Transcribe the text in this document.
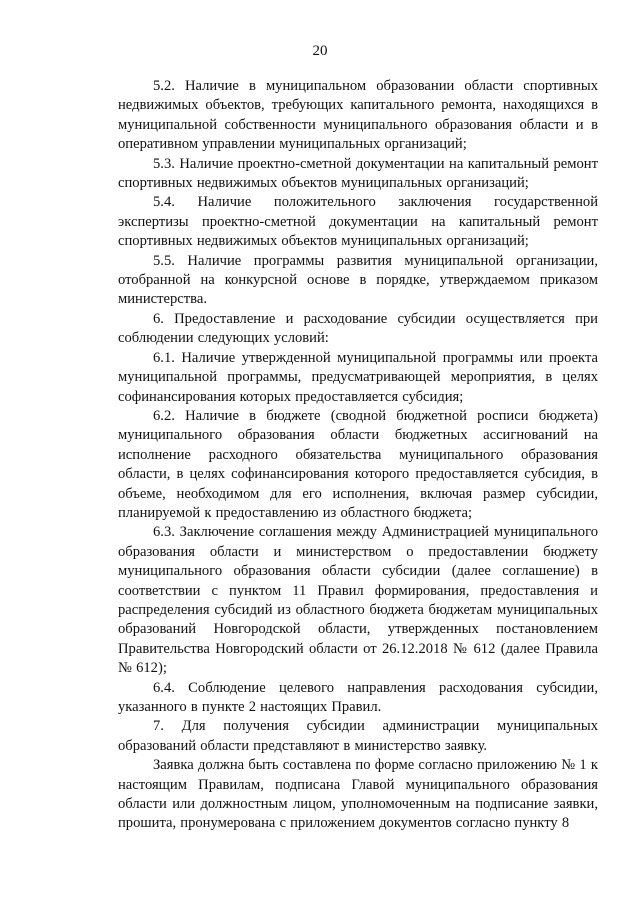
20

5.2. Наличие в муниципальном образовании области спортивных недвижимых объектов, требующих капитального ремонта, находящихся в муниципальной собственности муниципального образования области и в оперативном управлении муниципальных организаций;

5.3. Наличие проектно-сметной документации на капитальный ремонт спортивных недвижимых объектов муниципальных организаций;

5.4. Наличие положительного заключения государственной экспертизы проектно-сметной документации на капитальный ремонт спортивных недвижимых объектов муниципальных организаций;

5.5. Наличие программы развития муниципальной организации, отобранной на конкурсной основе в порядке, утверждаемом приказом министерства.

6. Предоставление и расходование субсидии осуществляется при соблюдении следующих условий:

6.1. Наличие утвержденной муниципальной программы или проекта муниципальной программы, предусматривающей мероприятия, в целях софинансирования которых предоставляется субсидия;

6.2. Наличие в бюджете (сводной бюджетной росписи бюджета) муниципального образования области бюджетных ассигнований на исполнение расходного обязательства муниципального образования области, в целях софинансирования которого предоставляется субсидия, в объеме, необходимом для его исполнения, включая размер субсидии, планируемой к предоставлению из областного бюджета;

6.3. Заключение соглашения между Администрацией муниципального образования области и министерством о предоставлении бюджету муниципального образования области субсидии (далее соглашение) в соответствии с пунктом 11 Правил формирования, предоставления и распределения субсидий из областного бюджета бюджетам муниципальных образований Новгородской области, утвержденных постановлением Правительства Новгородский области от 26.12.2018 № 612 (далее Правила № 612);

6.4. Соблюдение целевого направления расходования субсидии, указанного в пункте 2 настоящих Правил.

7. Для получения субсидии администрации муниципальных образований области представляют в министерство заявку.

Заявка должна быть составлена по форме согласно приложению № 1 к настоящим Правилам, подписана Главой муниципального образования области или должностным лицом, уполномоченным на подписание заявки, прошита, пронумерована с приложением документов согласно пункту 8
